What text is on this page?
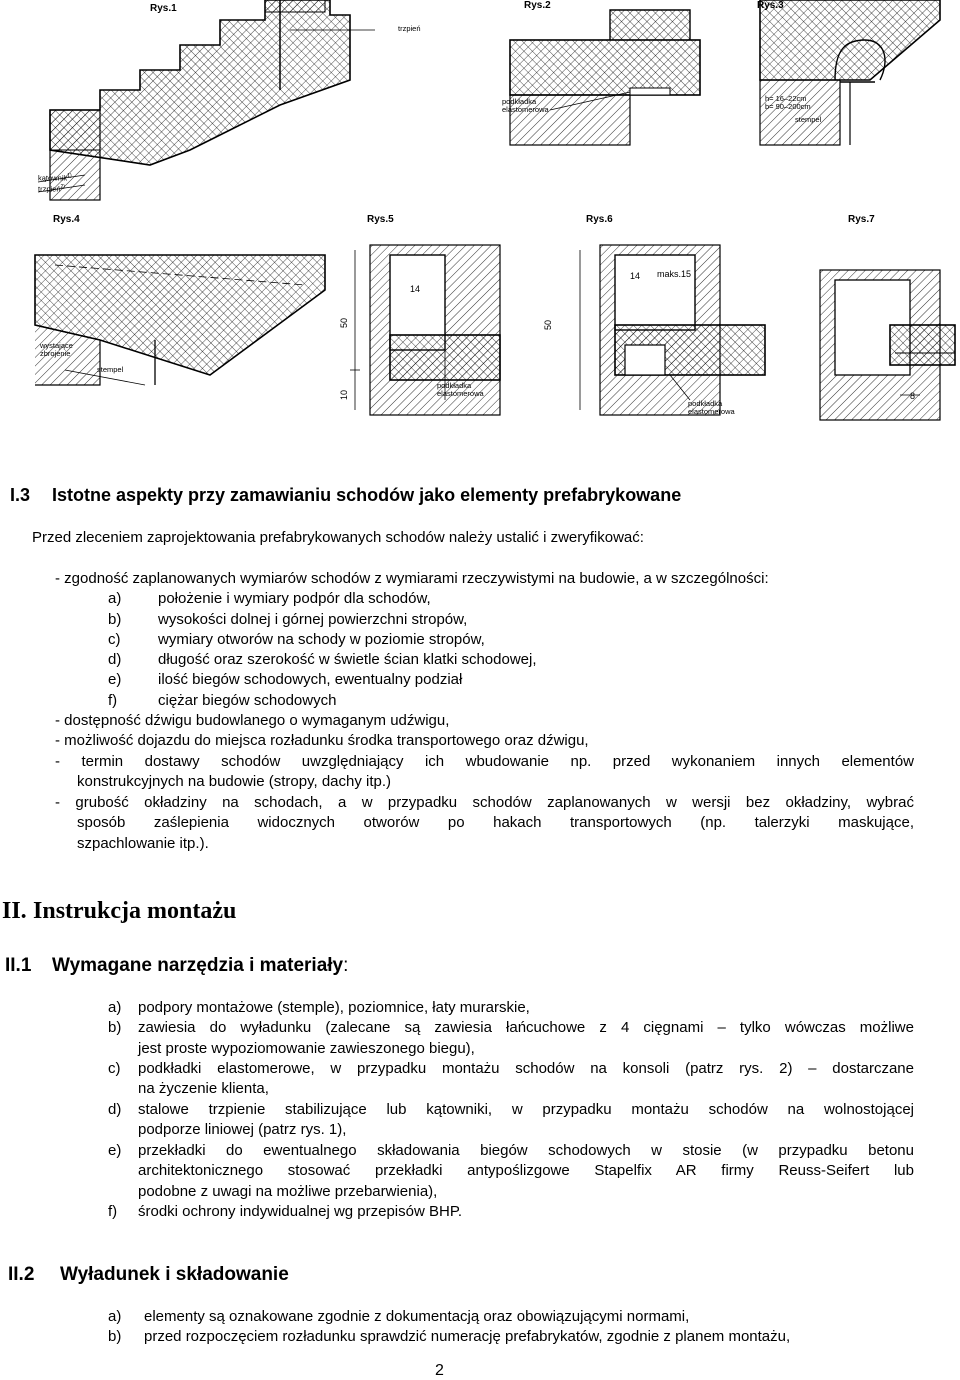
Rys.1
trzpień
kątownik$^{1)}$
trzpień$^{2)}$
Rys.2
podkładka
elastomerowa
Rys.3
h= 16–22cm
b= 90–200cm
stempel
Rys.4	Rys.5	Rys.6	Rys.7
wystające
zbrojenie
stempel
50
14
10
podkładka
elastomerowa
50
14 maks.15
podkładka
elastomerowa
8
I.3 Istotne aspekty przy zamawianiu schodów jako elementy prefabrykowane
Przed zleceniem zaprojektowania prefabrykowanych schodów należy ustalić i zweryfikować:
- zgodność zaplanowanych wymiarów schodów z wymiarami rzeczywistymi na budowie, a w szczególności:
a) położenie i wymiary podpór dla schodów,
b) wysokości dolnej i górnej powierzchni stropów,
c)	wymiary otworów na schody w poziomie stropów,
d) długość oraz szerokość w świetle ścian klatki schodowej,
e) ilość biegów schodowych, ewentualny podział
f)	ciężar biegów schodowych
- dostępność dźwigu budowlanego o wymaganym udźwigu,
- możliwość dojazdu do miejsca rozładunku środka transportowego oraz dźwigu,
- termin dostawy schodów uwzględniający ich wbudowanie np. przed wykonaniem innych elementów
konstrukcyjnych na budowie (stropy, dachy itp.)
- grubość okładziny na schodach, a w przypadku schodów zaplanowanych w wersji bez okładziny, wybrać
sposób zaślepienia widocznych otworów po hakach transportowych (np. talerzyki maskujące,
szpachlowanie itp.).
II. Instrukcja montażu
II.1 Wymagane narzędzia i materiały:
a) podpory montażowe (stemple), poziomnice, łaty murarskie,
b) zawiesia do wyładunku (zalecane są zawiesia łańcuchowe z 4 cięgnami – tylko wówczas możliwe
jest proste wypoziomowanie zawieszonego biegu),
c) podkładki elastomerowe, w przypadku montażu schodów na konsoli (patrz rys. 2) – dostarczane
na życzenie klienta,
d) stalowe trzpienie stabilizujące lub kątowniki, w przypadku montażu schodów na wolnostojącej
podporze liniowej (patrz rys. 1),
e) przekładki do ewentualnego składowania biegów schodowych w stosie (w przypadku betonu
architektonicznego stosować przekładki antypoślizgowe Stapelfix AR firmy Reuss-Seifert lub
podobne z uwagi na możliwe przebarwienia),
f) środki ochrony indywidualnej wg przepisów BHP.
II.2 Wyładunek i składowanie
a) elementy są oznakowane zgodnie z dokumentacją oraz obowiązującymi normami,
b) przed rozpoczęciem rozładunku sprawdzić numerację prefabrykatów, zgodnie z planem montażu,
2
